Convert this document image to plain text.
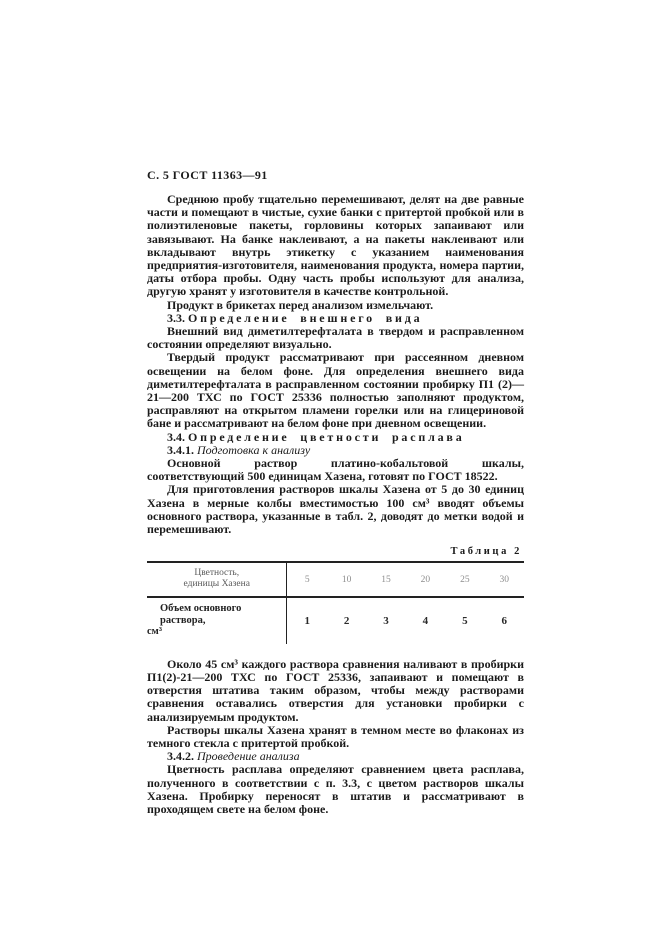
С. 5 ГОСТ 11363—91

Среднюю пробу тщательно перемешивают, делят на две равные части и помещают в чистые, сухие банки с притертой пробкой или в полиэтиленовые пакеты, горловины которых запаивают или завязывают. На банке наклеивают, а на пакеты наклеивают или вкладывают внутрь этикетку с указанием наименования предприятия-изготовителя, наименования продукта, номера партии, даты отбора пробы. Одну часть пробы используют для анализа, другую хранят у изготовителя в качестве контрольной.

Продукт в брикетах перед анализом измельчают.

3.3. Определение внешнего вида

Внешний вид диметилтерефталата в твердом и расправленном состоянии определяют визуально.

Твердый продукт рассматривают при рассеянном дневном освещении на белом фоне. Для определения внешнего вида диметилтерефталата в расправленном состоянии пробирку П1 (2)—21—200 ТХС по ГОСТ 25336 полностью заполняют продуктом, расправляют на открытом пламени горелки или на глицериновой бане и рассматривают на белом фоне при дневном освещении.

3.4. Определение цветности расплава

3.4.1. Подготовка к анализу

Основной раствор платино-кобальтовой шкалы, соответствующий 500 единицам Хазена, готовят по ГОСТ 18522.

Для приготовления растворов шкалы Хазена от 5 до 30 единиц Хазена в мерные колбы вместимостью 100 см³ вводят объемы основного раствора, указанные в табл. 2, доводят до метки водой и перемешивают.

Таблица 2
Цветность,
единицы Хазена	5	10	15	20	25	30

Объем основного раствора,
см³	1	2	3	4	5	6

Около 45 см³ каждого раствора сравнения наливают в пробирки П1(2)-21—200 ТХС по ГОСТ 25336, запаивают и помещают в отверстия штатива таким образом, чтобы между растворами сравнения оставались отверстия для установки пробирки с анализируемым продуктом.

Растворы шкалы Хазена хранят в темном месте во флаконах из темного стекла с притертой пробкой.

3.4.2. Проведение анализа

Цветность расплава определяют сравнением цвета расплава, полученного в соответствии с п. 3.3, с цветом растворов шкалы Хазена. Пробирку переносят в штатив и рассматривают в проходящем свете на белом фоне.
